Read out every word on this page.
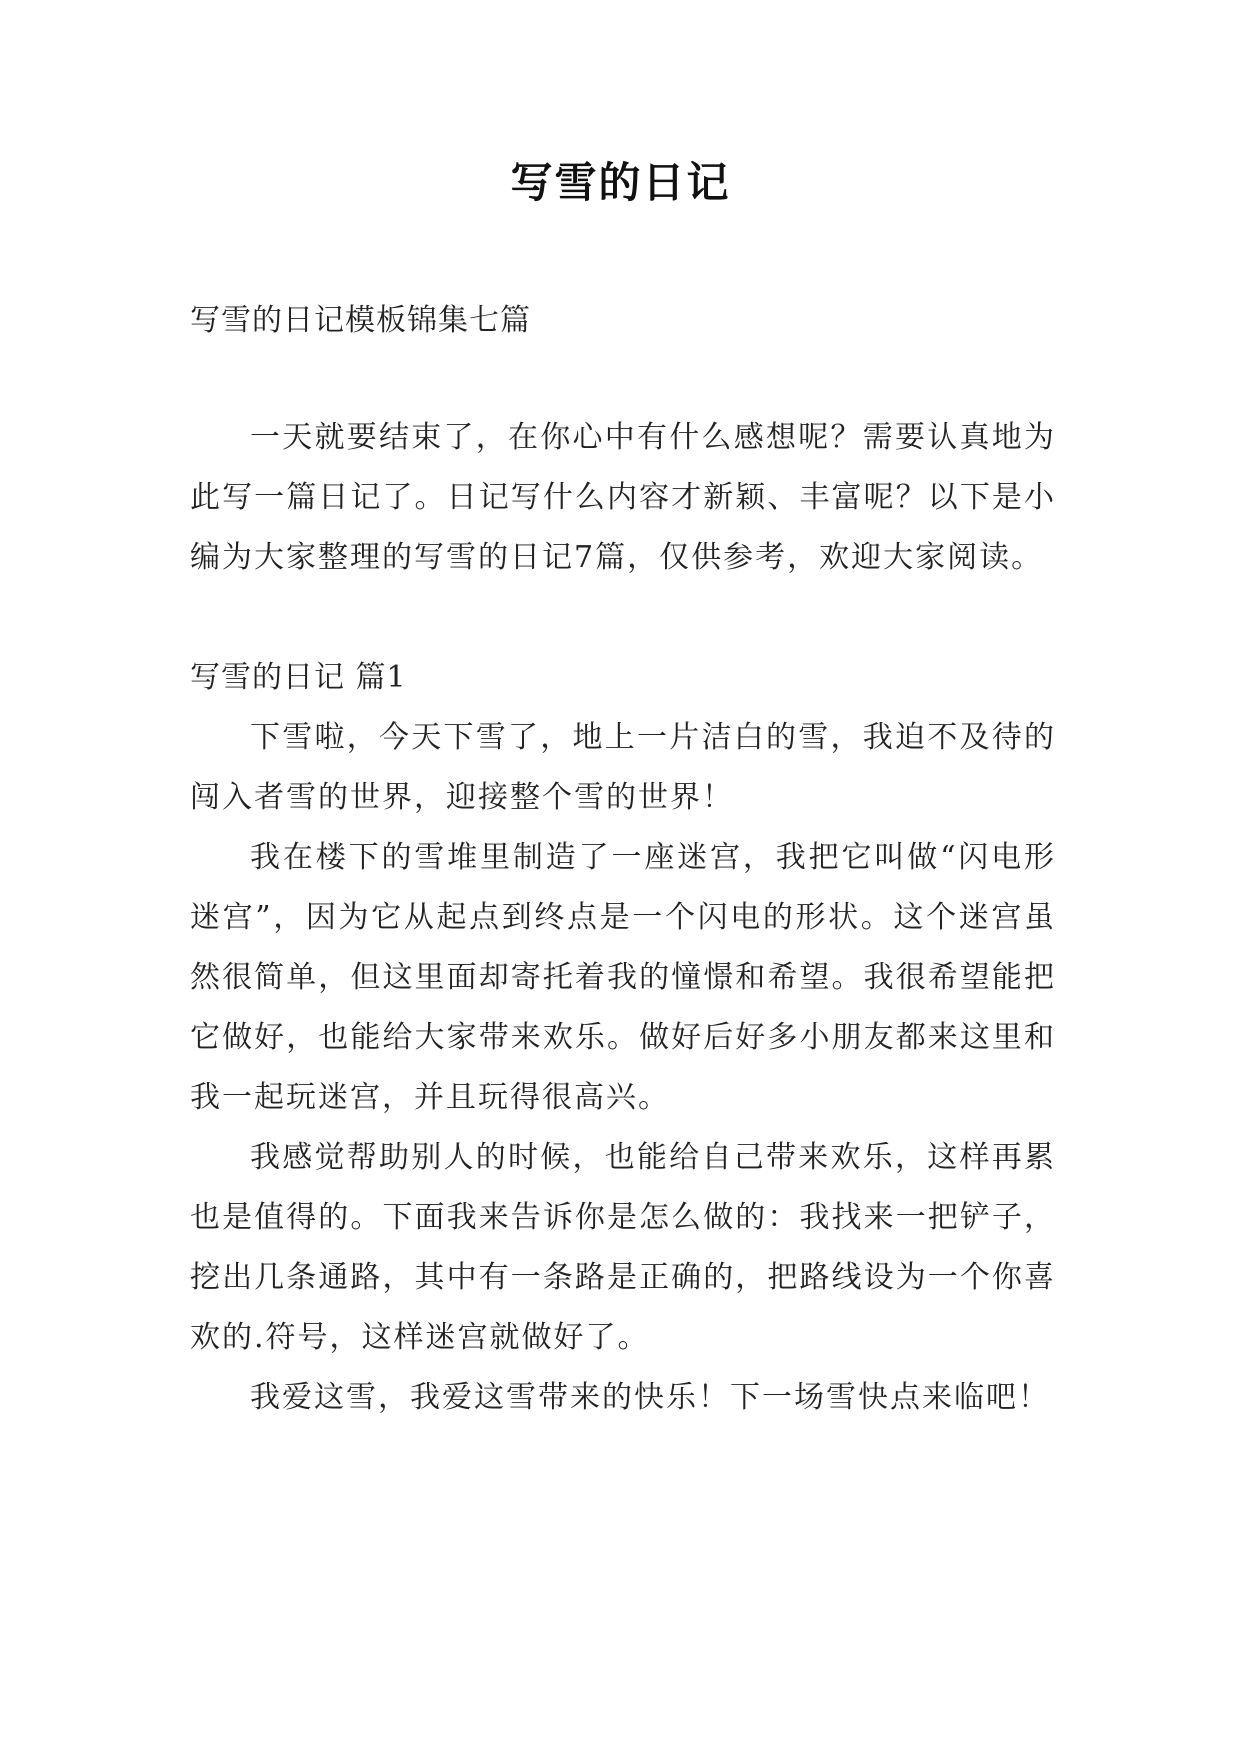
写雪的日记
写雪的日记模板锦集七篇

一天就要结束了，在你心中有什么感想呢？需要认真地为此写一篇日记了。日记写什么内容才新颖、丰富呢？以下是小编为大家整理的写雪的日记7篇，仅供参考，欢迎大家阅读。

写雪的日记 篇1

下雪啦，今天下雪了，地上一片洁白的雪，我迫不及待的闯入者雪的世界，迎接整个雪的世界！

我在楼下的雪堆里制造了一座迷宫，我把它叫做“闪电形迷宫”，因为它从起点到终点是一个闪电的形状。这个迷宫虽然很简单，但这里面却寄托着我的憧憬和希望。我很希望能把它做好，也能给大家带来欢乐。做好后好多小朋友都来这里和我一起玩迷宫，并且玩得很高兴。

我感觉帮助别人的时候，也能给自己带来欢乐，这样再累也是值得的。下面我来告诉你是怎么做的：我找来一把铲子，挖出几条通路，其中有一条路是正确的，把路线设为一个你喜欢的.符号，这样迷宫就做好了。

我爱这雪，我爱这雪带来的快乐！下一场雪快点来临吧！
